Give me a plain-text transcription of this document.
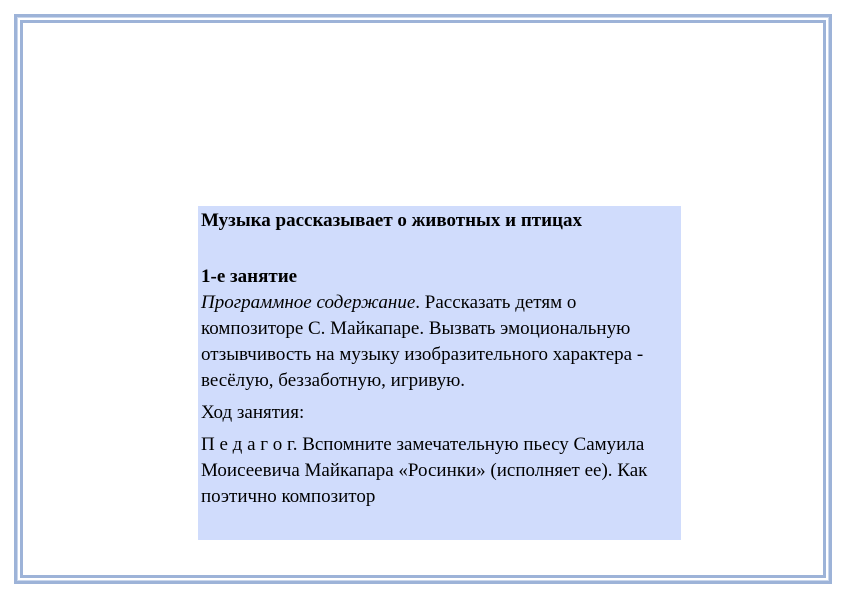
Музыка рассказывает о животных и птицах

1-е занятие

Программное содержание. Рассказать детям о композиторе С. Майкапаре. Вызвать эмоциональную отзывчивость на музыку изобразительного характера - весёлую, беззаботную, игривую.

Ход занятия:

П е д а г о г. Вспомните замечательную пьесу Самуила Моисеевича Майкапара «Росинки» (исполняет ее). Как поэтично композитор
